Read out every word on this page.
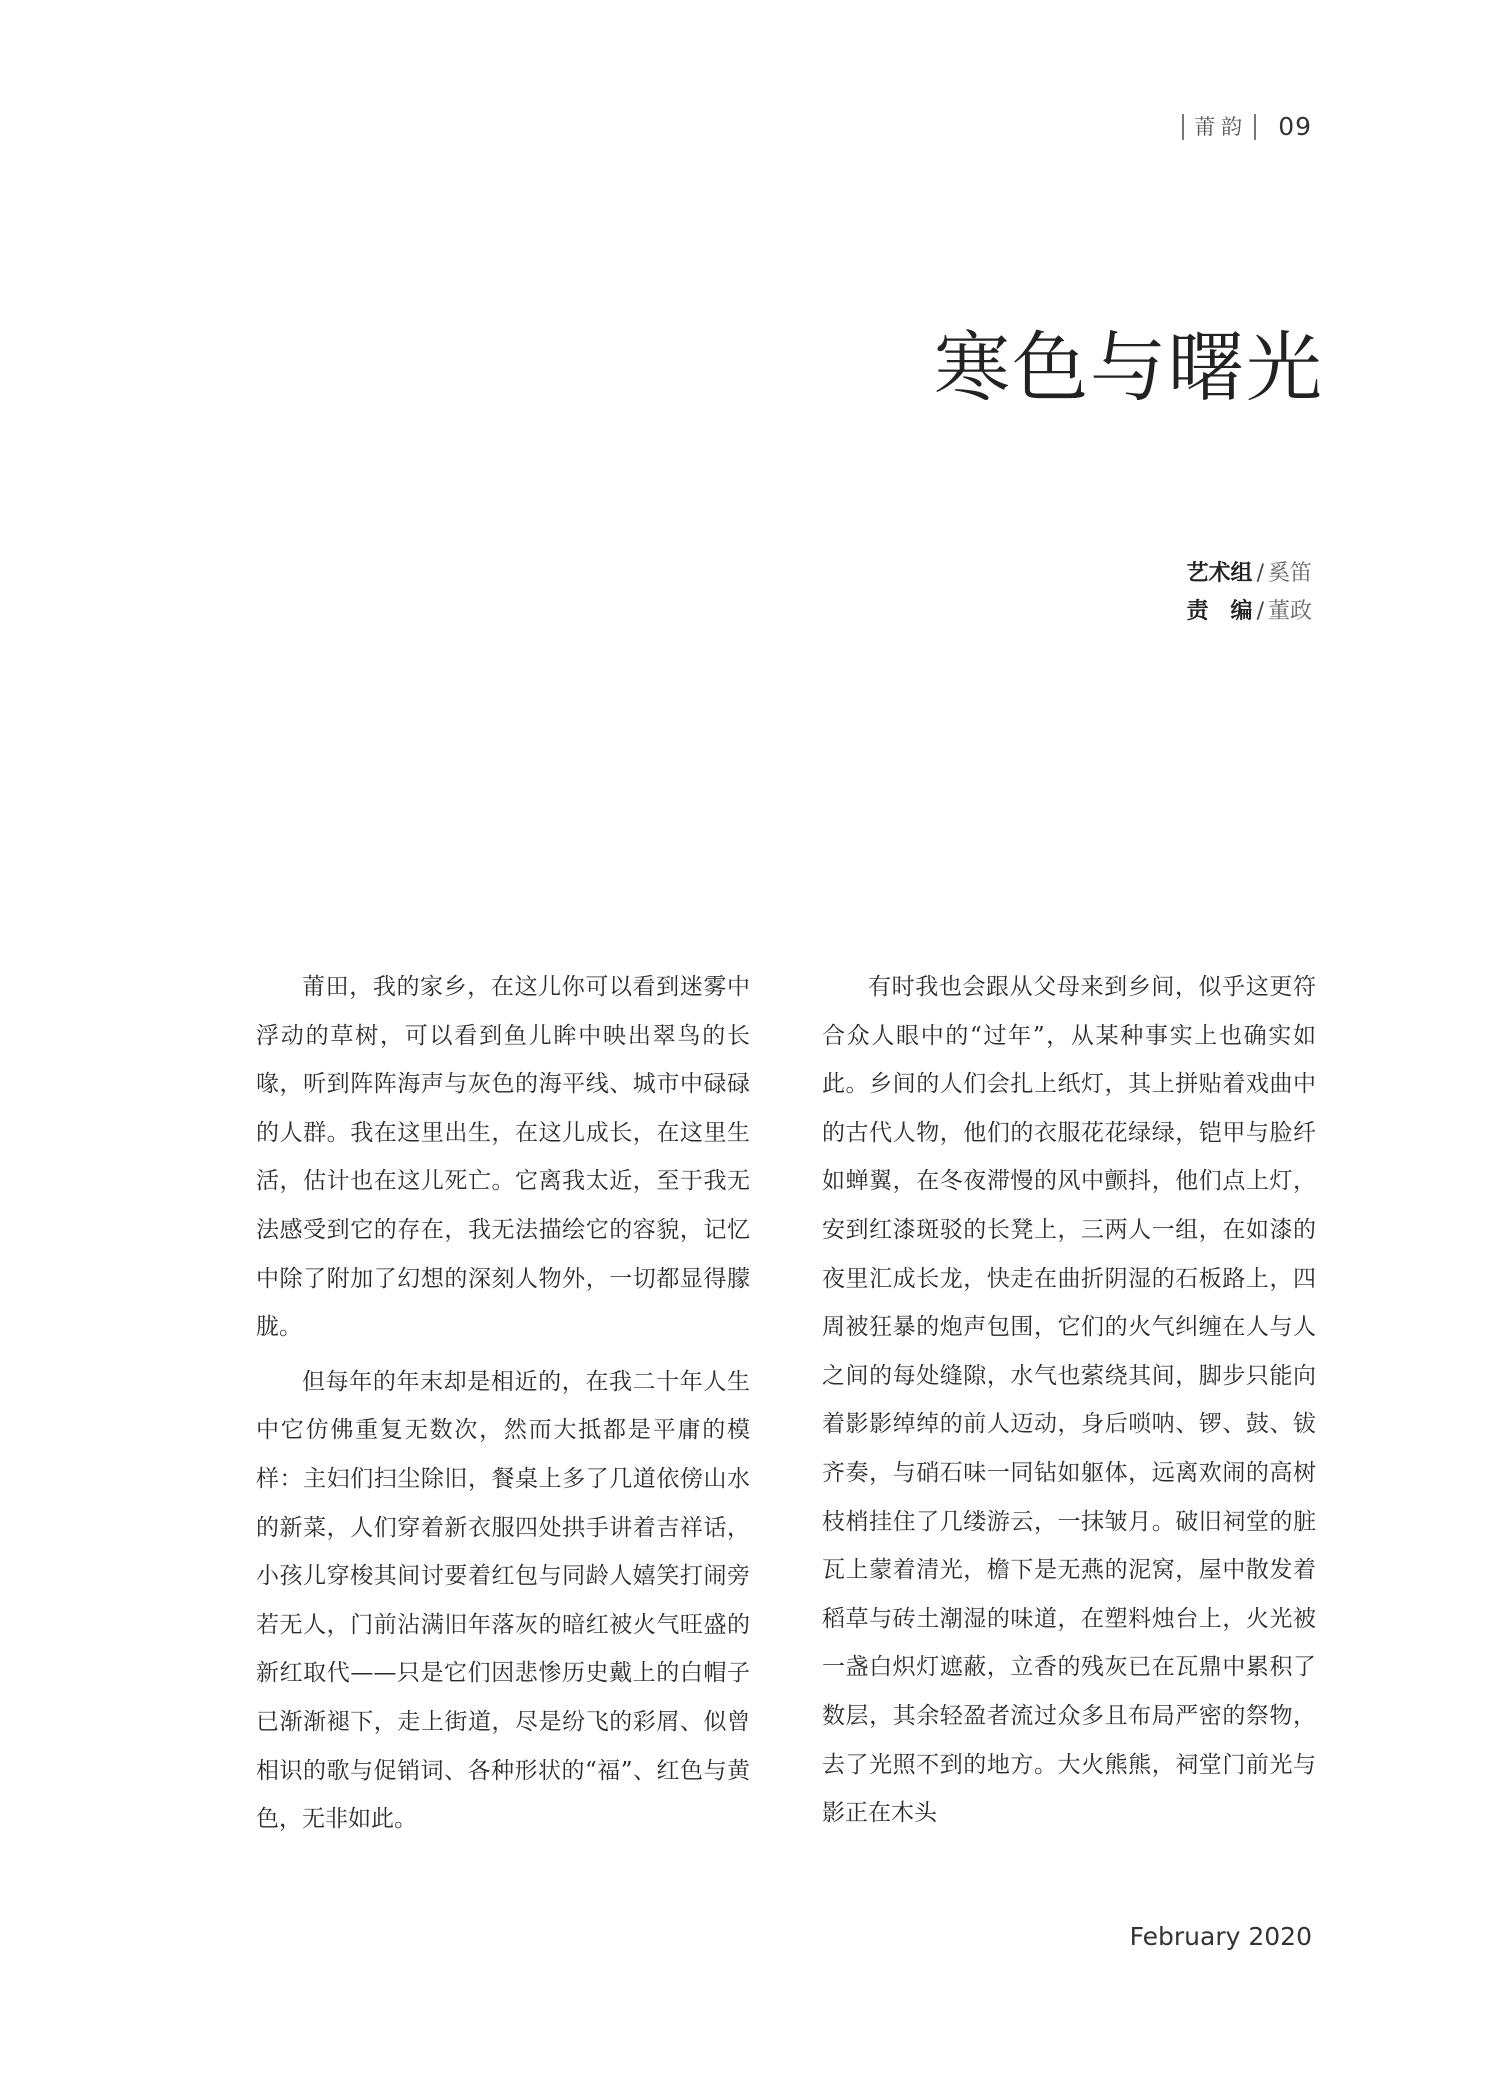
莆韵	09
寒色与曙光
艺术组 / 奚笛
责　编 / 董政

莆田，我的家乡，在这儿你可以看到迷雾中浮动的草树，可以看到鱼儿眸中映出翠鸟的长喙，听到阵阵海声与灰色的海平线、城市中碌碌的人群。我在这里出生，在这儿成长，在这里生活，估计也在这儿死亡。它离我太近，至于我无法感受到它的存在，我无法描绘它的容貌，记忆中除了附加了幻想的深刻人物外，一切都显得朦胧。

但每年的年末却是相近的，在我二十年人生中它仿佛重复无数次，然而大抵都是平庸的模样：主妇们扫尘除旧，餐桌上多了几道依傍山水的新菜，人们穿着新衣服四处拱手讲着吉祥话，小孩儿穿梭其间讨要着红包与同龄人嬉笑打闹旁若无人，门前沾满旧年落灰的暗红被火气旺盛的新红取代——只是它们因悲惨历史戴上的白帽子已渐渐褪下，走上街道，尽是纷飞的彩屑、似曾相识的歌与促销词、各种形状的“福”、红色与黄色，无非如此。

有时我也会跟从父母来到乡间，似乎这更符合众人眼中的“过年”，从某种事实上也确实如此。乡间的人们会扎上纸灯，其上拼贴着戏曲中的古代人物，他们的衣服花花绿绿，铠甲与脸纤如蝉翼，在冬夜滞慢的风中颤抖，他们点上灯，安到红漆斑驳的长凳上，三两人一组，在如漆的夜里汇成长龙，快走在曲折阴湿的石板路上，四周被狂暴的炮声包围，它们的火气纠缠在人与人之间的每处缝隙，水气也萦绕其间，脚步只能向着影影绰绰的前人迈动，身后唢呐、锣、鼓、钹齐奏，与硝石味一同钻如躯体，远离欢闹的高树枝梢挂住了几缕游云，一抹皱月。破旧祠堂的脏瓦上蒙着清光，檐下是无燕的泥窝，屋中散发着稻草与砖土潮湿的味道，在塑料烛台上，火光被一盏白炽灯遮蔽，立香的残灰已在瓦鼎中累积了数层，其余轻盈者流过众多且布局严密的祭物，去了光照不到的地方。大火熊熊，祠堂门前光与影正在木头

February 2020
